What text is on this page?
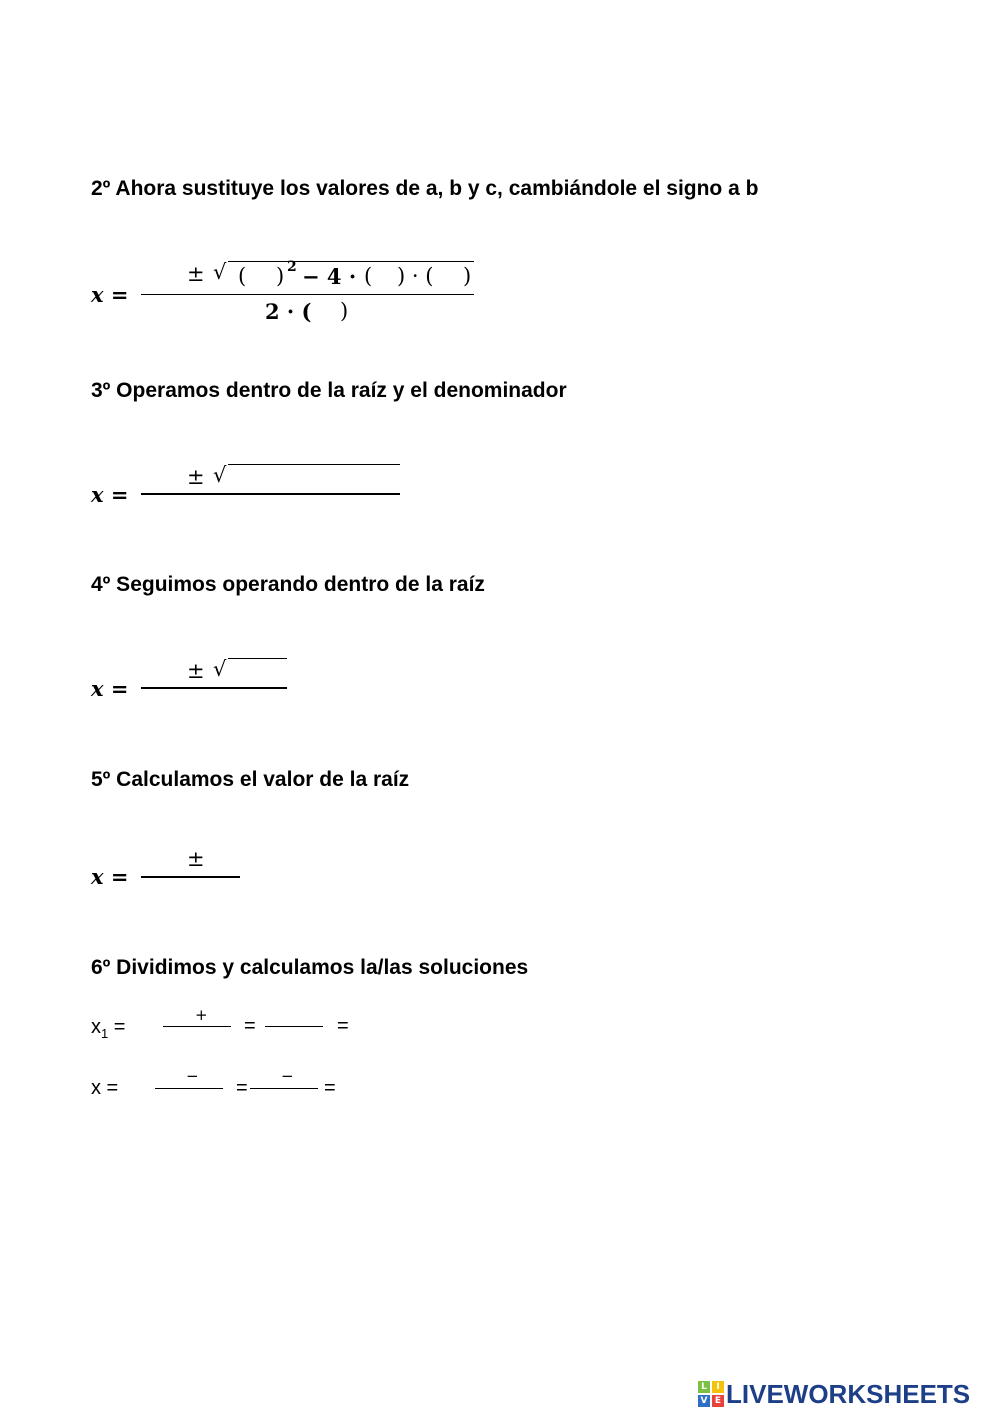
2º Ahora sustituye los valores de a, b y c, cambiándole el signo a b
x =
± √ ( ) 2 − 4 · ( ) · ( )
2 · ( )
3º Operamos dentro de la raíz y el denominador
x =
± √
4º Seguimos operando dentro de la raíz
x =
± √
5º Calculamos el valor de la raíz
x =
±
6º Dividimos y calculamos la/las soluciones
$x_1$ =
+ =	=
x =
−
=
−
=
L	I
V E LIVEWORKSHEETS
